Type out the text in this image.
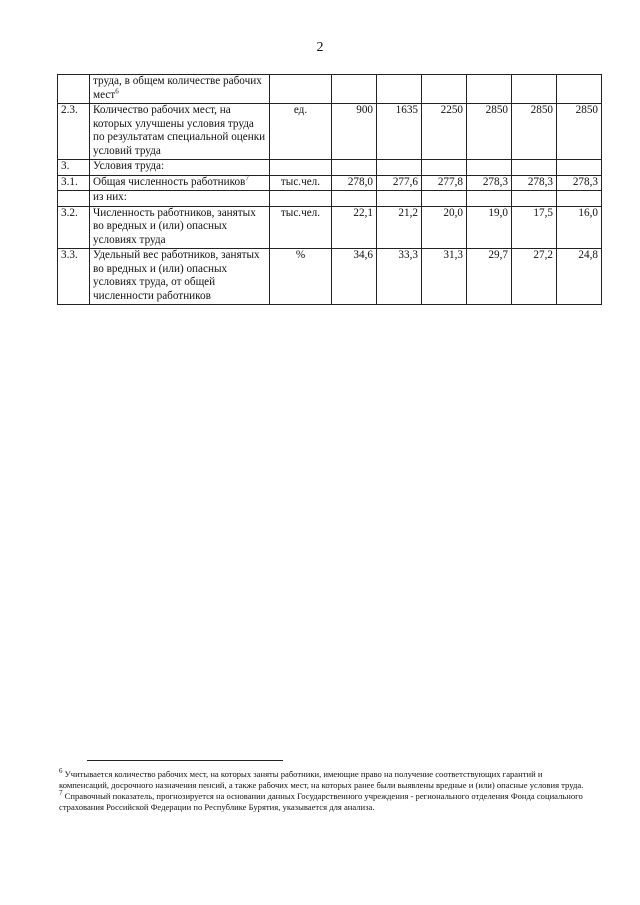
2
	труда, в общем количестве рабочих мест$^6$							
2.3.	Количество рабочих мест, на которых улучшены условия труда по результатам специальной оценки условий труда	ед.	900	1635	2250	2850	2850	2850
3.	Условия труда:							
3.1.	Общая численность работников$^7$	тыс.чел.	278,0	277,6	277,8	278,3	278,3	278,3
	из них:							
3.2.	Численность работников, занятых во вредных и (или) опасных условиях труда	тыс.чел.	22,1	21,2	20,0	19,0	17,5	16,0
3.3.	Удельный вес работников, занятых во вредных и (или) опасных условиях труда, от общей численности работников	%	34,6	33,3	31,3	29,7	27,2	24,8

$^6$ Учитывается количество рабочих мест, на которых заняты работники, имеющие право на получение соответствующих гарантий и компенсаций, досрочного назначения пенсий, а также рабочих мест, на которых ранее были выявлены вредные и (или) опасные условия труда.

$^7$ Справочный показатель, прогнозируется на основании данных Государственного учреждения - регионального отделения Фонда социального страхования Российской Федерации по Республике Бурятия, указывается для анализа.
